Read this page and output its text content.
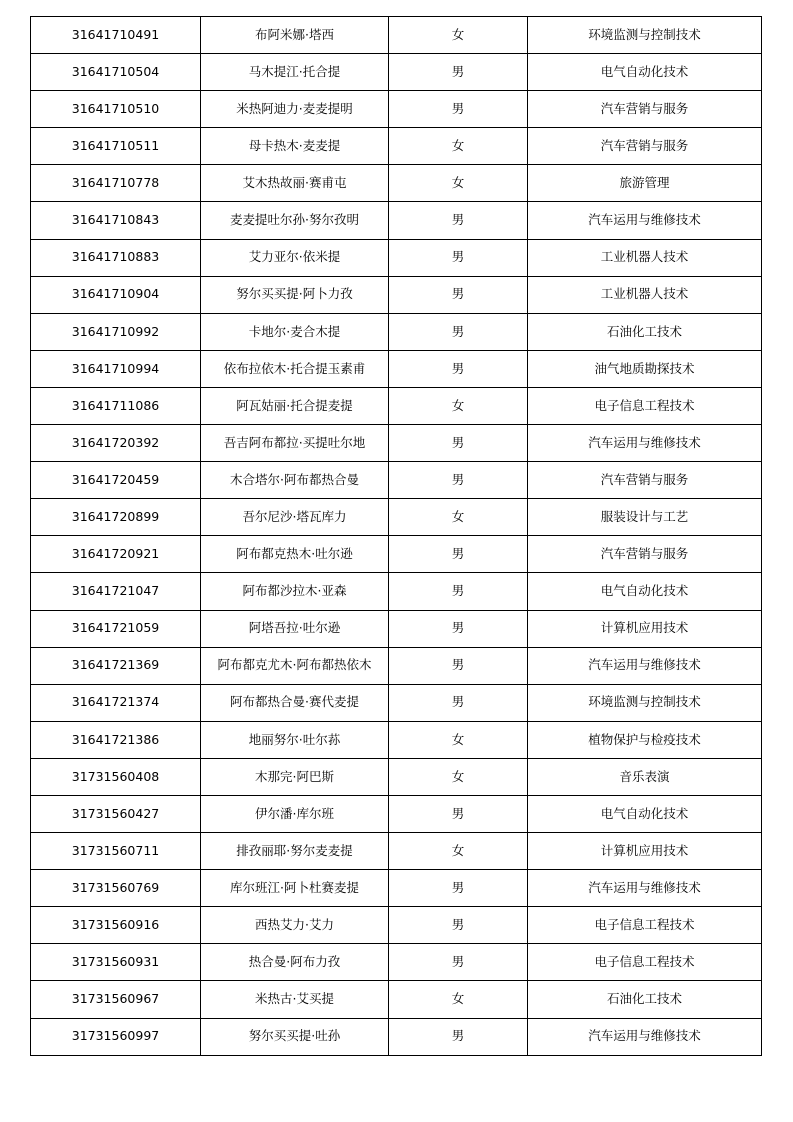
31641710491	布阿米娜·塔西	女	环境监测与控制技术
31641710504	马木提江·托合提	男	电气自动化技术
31641710510	米热阿迪力·麦麦提明	男	汽车营销与服务
31641710511	母卡热木·麦麦提	女	汽车营销与服务
31641710778	艾木热故丽·赛甫屯	女	旅游管理
31641710843	麦麦提吐尔孙·努尔孜明	男	汽车运用与维修技术
31641710883	艾力亚尔·依米提	男	工业机器人技术
31641710904	努尔买买提·阿卜力孜	男	工业机器人技术
31641710992	卡地尔·麦合木提	男	石油化工技术
31641710994	依布拉依木·托合提玉素甫	男	油气地质勘探技术
31641711086	阿瓦姑丽·托合提麦提	女	电子信息工程技术
31641720392	吾吉阿布都拉·买提吐尔地	男	汽车运用与维修技术
31641720459	木合塔尔·阿布都热合曼	男	汽车营销与服务
31641720899	吾尔尼沙·塔瓦库力	女	服装设计与工艺
31641720921	阿布都克热木·吐尔逊	男	汽车营销与服务
31641721047	阿布都沙拉木·亚森	男	电气自动化技术
31641721059	阿塔吾拉·吐尔逊	男	计算机应用技术
31641721369	阿布都克尤木·阿布都热依木	男	汽车运用与维修技术
31641721374	阿布都热合曼·赛代麦提	男	环境监测与控制技术
31641721386	地丽努尔·吐尔荪	女	植物保护与检疫技术
31731560408	木那完·阿巴斯	女	音乐表演
31731560427	伊尔潘·库尔班	男	电气自动化技术
31731560711	排孜丽耶·努尔麦麦提	女	计算机应用技术
31731560769	库尔班江·阿卜杜赛麦提	男	汽车运用与维修技术
31731560916	西热艾力·艾力	男	电子信息工程技术
31731560931	热合曼·阿布力孜	男	电子信息工程技术
31731560967	米热古·艾买提	女	石油化工技术
31731560997	努尔买买提·吐孙	男	汽车运用与维修技术
